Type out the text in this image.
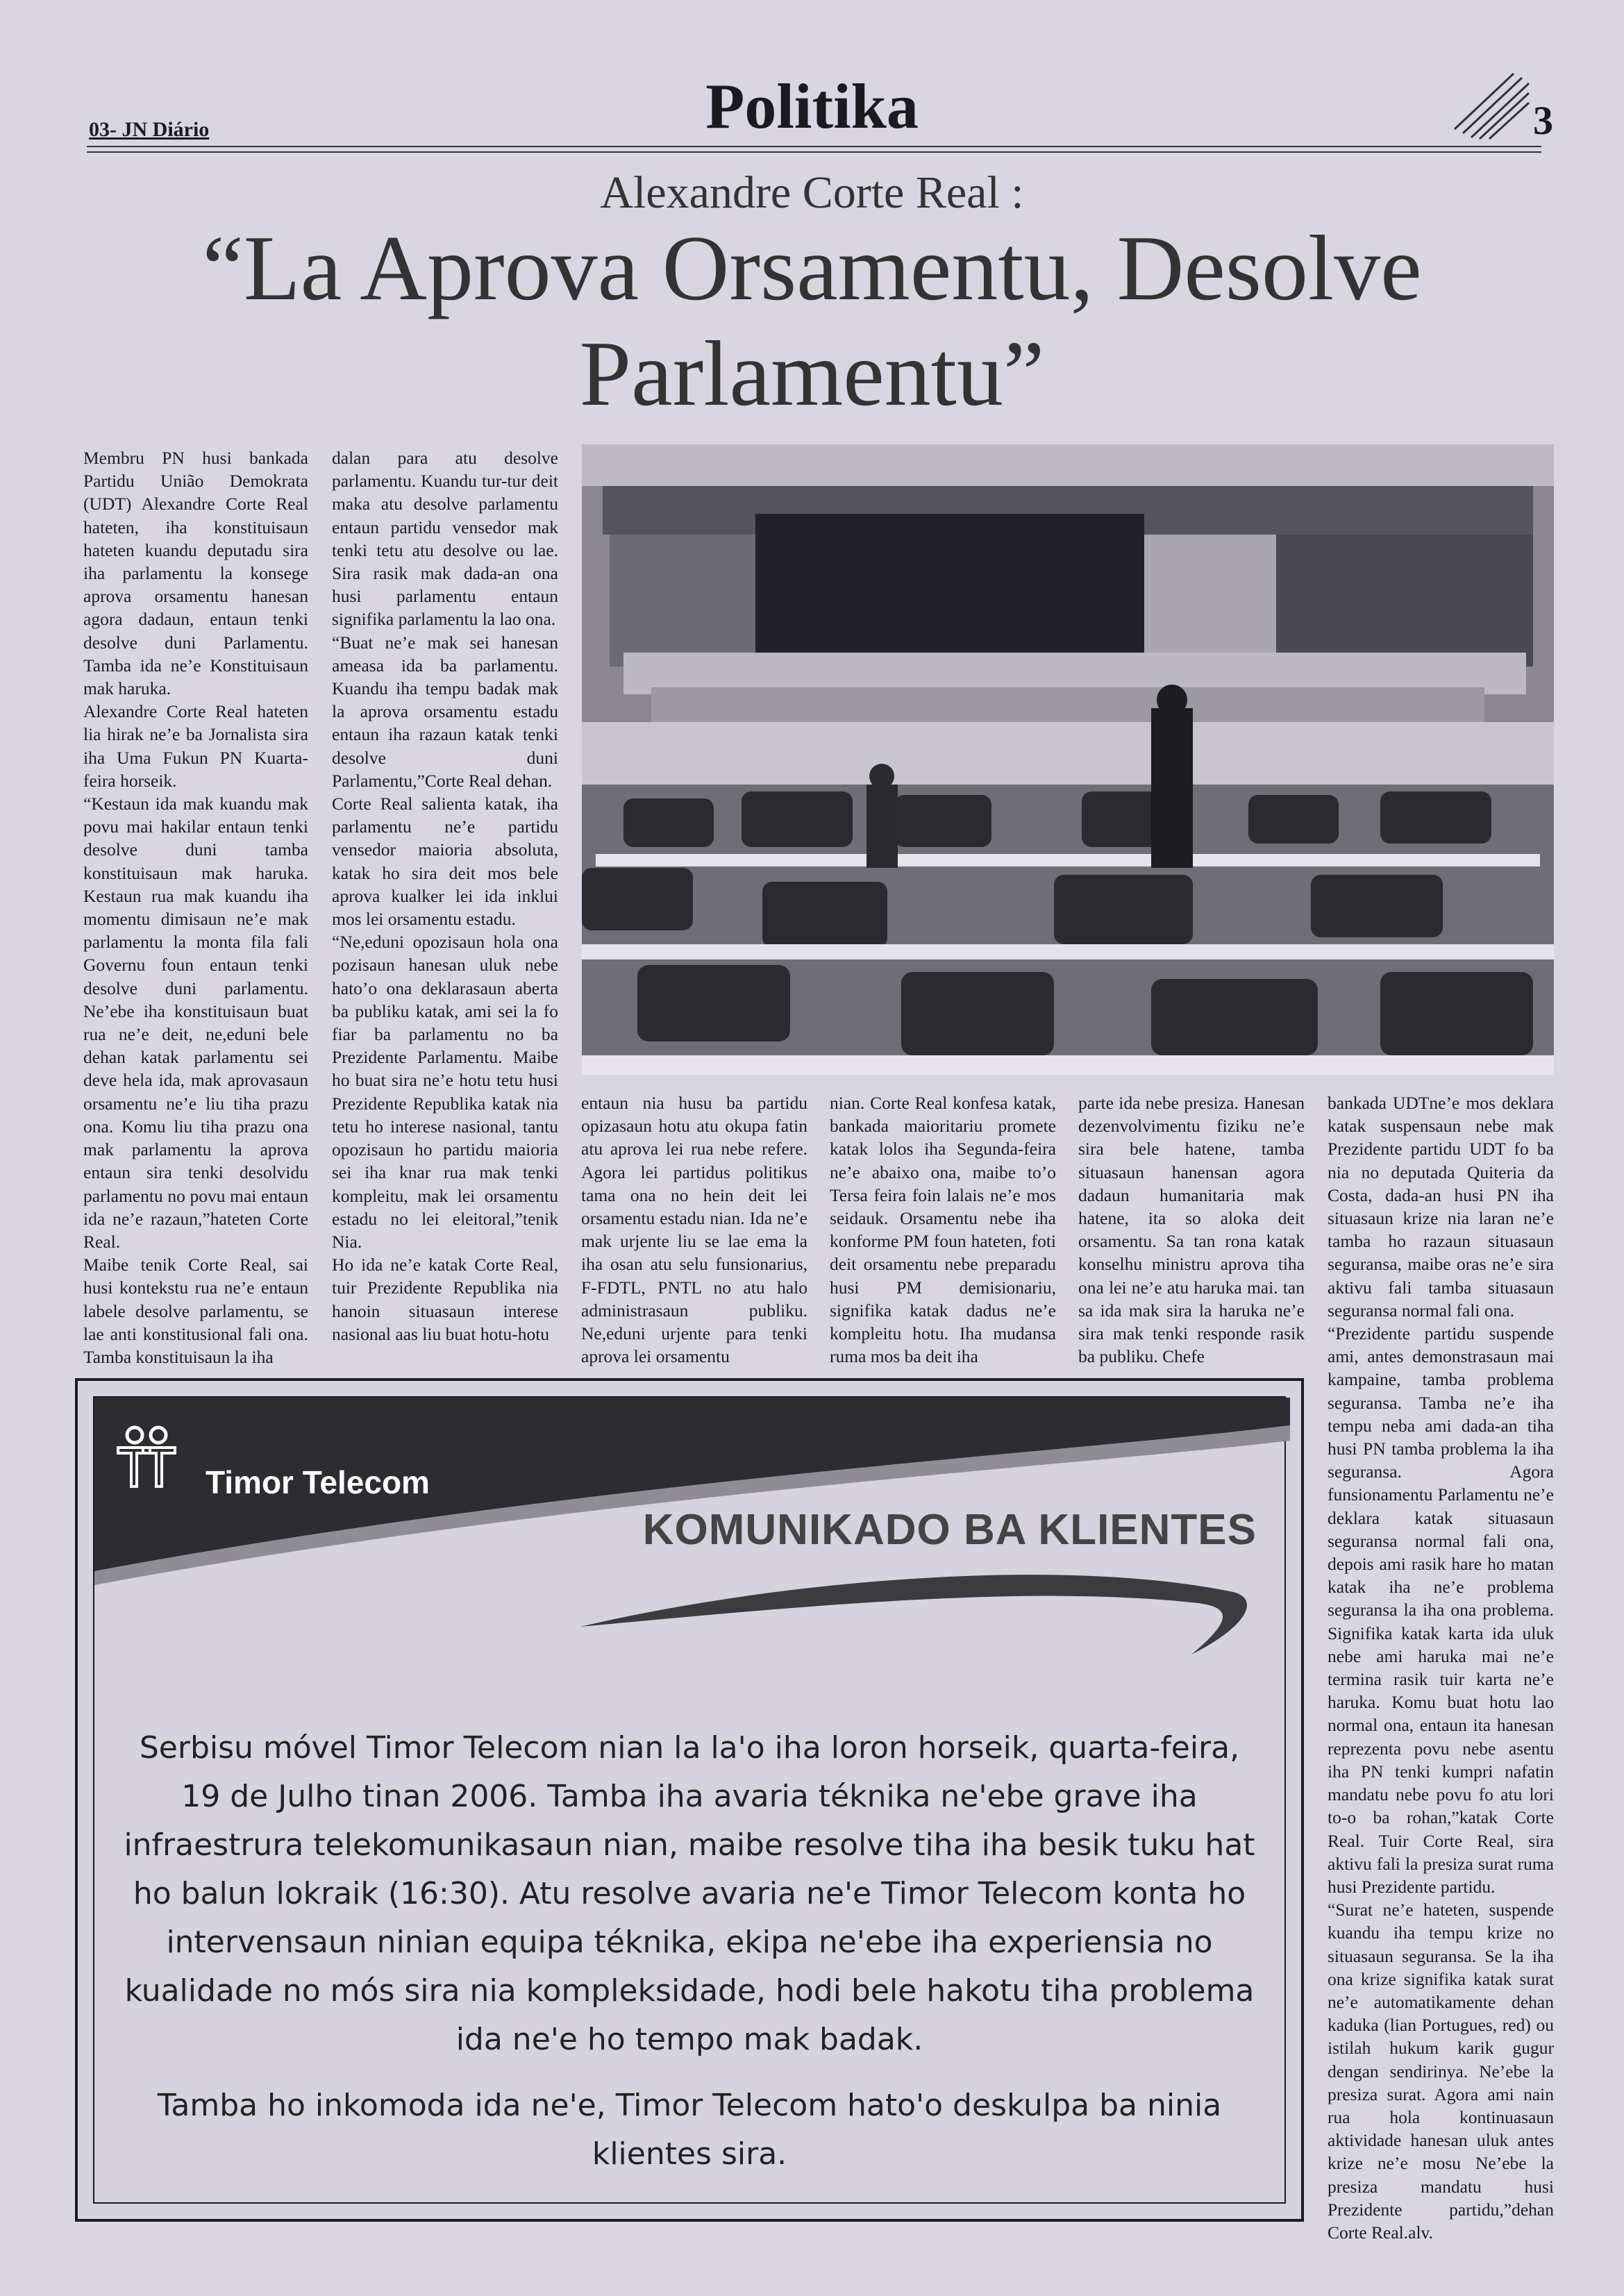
03- JN Diário	Politika	3
Alexandre Corte Real :
“La Aprova Orsamentu, Desolve Parlamentu”

Membru PN husi bankada Partidu União Demokrata (UDT) Alexandre Corte Real hateten, iha konstituisaun hateten kuandu deputadu sira iha parlamentu la konsege aprova orsamentu hanesan agora dadaun, entaun tenki desolve duni Parlamentu. Tamba ida ne’e Konstituisaun mak haruka.

Alexandre Corte Real hateten lia hirak ne’e ba Jornalista sira iha Uma Fukun PN Kuarta-feira horseik.

“Kestaun ida mak kuandu mak povu mai hakilar entaun tenki desolve duni tamba konstituisaun mak haruka. Kestaun rua mak kuandu iha momentu dimisaun ne’e mak parlamentu la monta fila fali Governu foun entaun tenki desolve duni parlamentu. Ne’ebe iha konstituisaun buat rua ne’e deit, ne,eduni bele dehan katak parlamentu sei deve hela ida, mak aprovasaun orsamentu ne’e liu tiha prazu ona. Komu liu tiha prazu ona mak parlamentu la aprova entaun sira tenki desolvidu parlamentu no povu mai entaun ida ne’e razaun,”hateten Corte Real.

Maibe tenik Corte Real, sai husi kontekstu rua ne’e entaun labele desolve parlamentu, se lae anti konstitusional fali ona. Tamba konstituisaun la iha

dalan para atu desolve parlamentu. Kuandu tur-tur deit maka atu desolve parlamentu entaun partidu vensedor mak tenki tetu atu desolve ou lae. Sira rasik mak dada-an ona husi parlamentu entaun signifika parlamentu la lao ona.

“Buat ne’e mak sei hanesan ameasa ida ba parlamentu. Kuandu iha tempu badak mak la aprova orsamentu estadu entaun iha razaun katak tenki desolve duni Parlamentu,”Corte Real dehan.

Corte Real salienta katak, iha parlamentu ne’e partidu vensedor maioria absoluta, katak ho sira deit mos bele aprova kualker lei ida inklui mos lei orsamentu estadu.

“Ne,eduni opozisaun hola ona pozisaun hanesan uluk nebe hato’o ona deklarasaun aberta ba publiku katak, ami sei la fo fiar ba parlamentu no ba Prezidente Parlamentu. Maibe ho buat sira ne’e hotu tetu husi Prezidente Republika katak nia tetu ho interese nasional, tantu opozisaun ho partidu maioria sei iha knar rua mak tenki kompleitu, mak lei orsamentu estadu no lei eleitoral,”tenik Nia.

Ho ida ne’e katak Corte Real, tuir Prezidente Republika nia hanoin situasaun interese nasional aas liu buat hotu-hotu

entaun nia husu ba partidu opizasaun hotu atu okupa fatin atu aprova lei rua nebe refere. Agora lei partidus politikus tama ona no hein deit lei orsamentu estadu nian. Ida ne’e mak urjente liu se lae ema la iha osan atu selu funsionarius, F-FDTL, PNTL no atu halo administrasaun publiku. Ne,eduni urjente para tenki aprova lei orsamentu

nian. Corte Real konfesa katak, bankada maioritariu promete katak lolos iha Segunda-feira ne’e abaixo ona, maibe to’o Tersa feira foin lalais ne’e mos seidauk. Orsamentu nebe iha konforme PM foun hateten, foti deit orsamentu nebe preparadu husi PM demisionariu, signifika katak dadus ne’e kompleitu hotu. Iha mudansa ruma mos ba deit iha

parte ida nebe presiza. Hanesan dezenvolvimentu fiziku ne’e sira bele hatene, tamba situasaun hanensan agora dadaun humanitaria mak hatene, ita so aloka deit orsamentu. Sa tan rona katak konselhu ministru aprova tiha ona lei ne’e atu haruka mai. tan sa ida mak sira la haruka ne’e sira mak tenki responde rasik ba publiku. Chefe

bankada UDTne’e mos deklara katak suspensaun nebe mak Prezidente partidu UDT fo ba nia no deputada Quiteria da Costa, dada-an husi PN iha situasaun krize nia laran ne’e tamba ho razaun situasaun seguransa, maibe oras ne’e sira aktivu fali tamba situasaun seguransa normal fali ona.

“Prezidente partidu suspende ami, antes demonstrasaun mai kampaine, tamba problema seguransa. Tamba ne’e iha tempu neba ami dada-an tiha husi PN tamba problema la iha seguransa. Agora funsionamentu Parlamentu ne’e deklara katak situasaun seguransa normal fali ona, depois ami rasik hare ho matan katak iha ne’e problema seguransa la iha ona problema. Signifika katak karta ida uluk nebe ami haruka mai ne’e termina rasik tuir karta ne’e haruka. Komu buat hotu lao normal ona, entaun ita hanesan reprezenta povu nebe asentu iha PN tenki kumpri nafatin mandatu nebe povu fo atu lori to-o ba rohan,”katak Corte Real. Tuir Corte Real, sira aktivu fali la presiza surat ruma husi Prezidente partidu.

“Surat ne’e hateten, suspende kuandu iha tempu krize no situasaun seguransa. Se la iha ona krize signifika katak surat ne’e automatikamente dehan kaduka (lian Portugues, red) ou istilah hukum karik gugur dengan sendirinya. Ne’ebe la presiza surat. Agora ami nain rua hola kontinuasaun aktividade hanesan uluk antes krize ne’e mosu Ne’ebe la presiza mandatu husi Prezidente partidu,”dehan Corte Real.alv.

Timor Telecom
KOMUNIKADO BA KLIENTES
Serbisu móvel Timor Telecom nian la la'o iha loron horseik, quarta-feira, 19 de Julho tinan 2006. Tamba iha avaria téknika ne'ebe grave iha infraestrura telekomunikasaun nian, maibe resolve tiha iha besik tuku hat ho balun lokraik (16:30). Atu resolve avaria ne'e Timor Telecom konta ho intervensaun ninian equipa téknika, ekipa ne'ebe iha experiensia no kualidade no mós sira nia kompleksidade, hodi bele hakotu tiha problema ida ne'e ho tempo mak badak.
Tamba ho inkomoda ida ne'e, Timor Telecom hato'o deskulpa ba ninia klientes sira.
